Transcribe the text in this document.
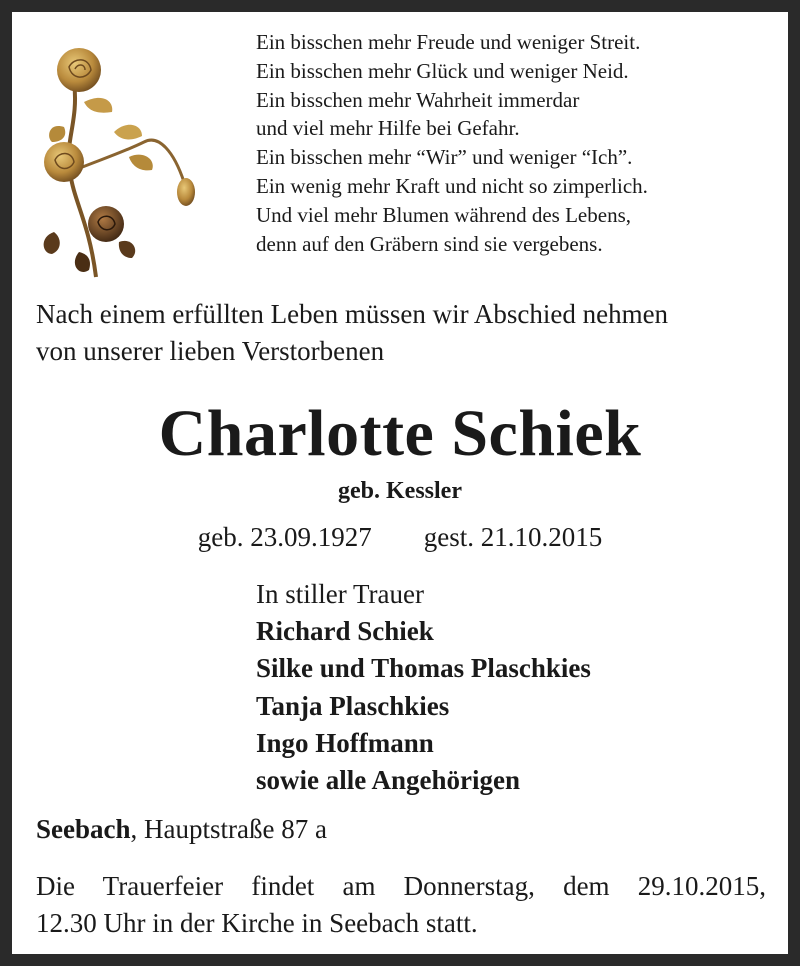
Ein bisschen mehr Freude und weniger Streit.
Ein bisschen mehr Glück und weniger Neid.
Ein bisschen mehr Wahrheit immerdar
und viel mehr Hilfe bei Gefahr.
Ein bisschen mehr “Wir” und weniger “Ich”.
Ein wenig mehr Kraft und nicht so zimperlich.
Und viel mehr Blumen während des Lebens,
denn auf den Gräbern sind sie vergebens.
Nach einem erfüllten Leben müssen wir Abschied nehmen
von unserer lieben Verstorbenen
Charlotte Schiek
geb. Kessler
geb. 23.09.1927 gest. 21.10.2015
In stiller Trauer
Richard Schiek
Silke und Thomas Plaschkies
Tanja Plaschkies
Ingo Hoffmann
sowie alle Angehörigen
Seebach, Hauptstraße 87 a
Die Trauerfeier findet am Donnerstag, dem 29.10.2015,
12.30 Uhr in der Kirche in Seebach statt.
